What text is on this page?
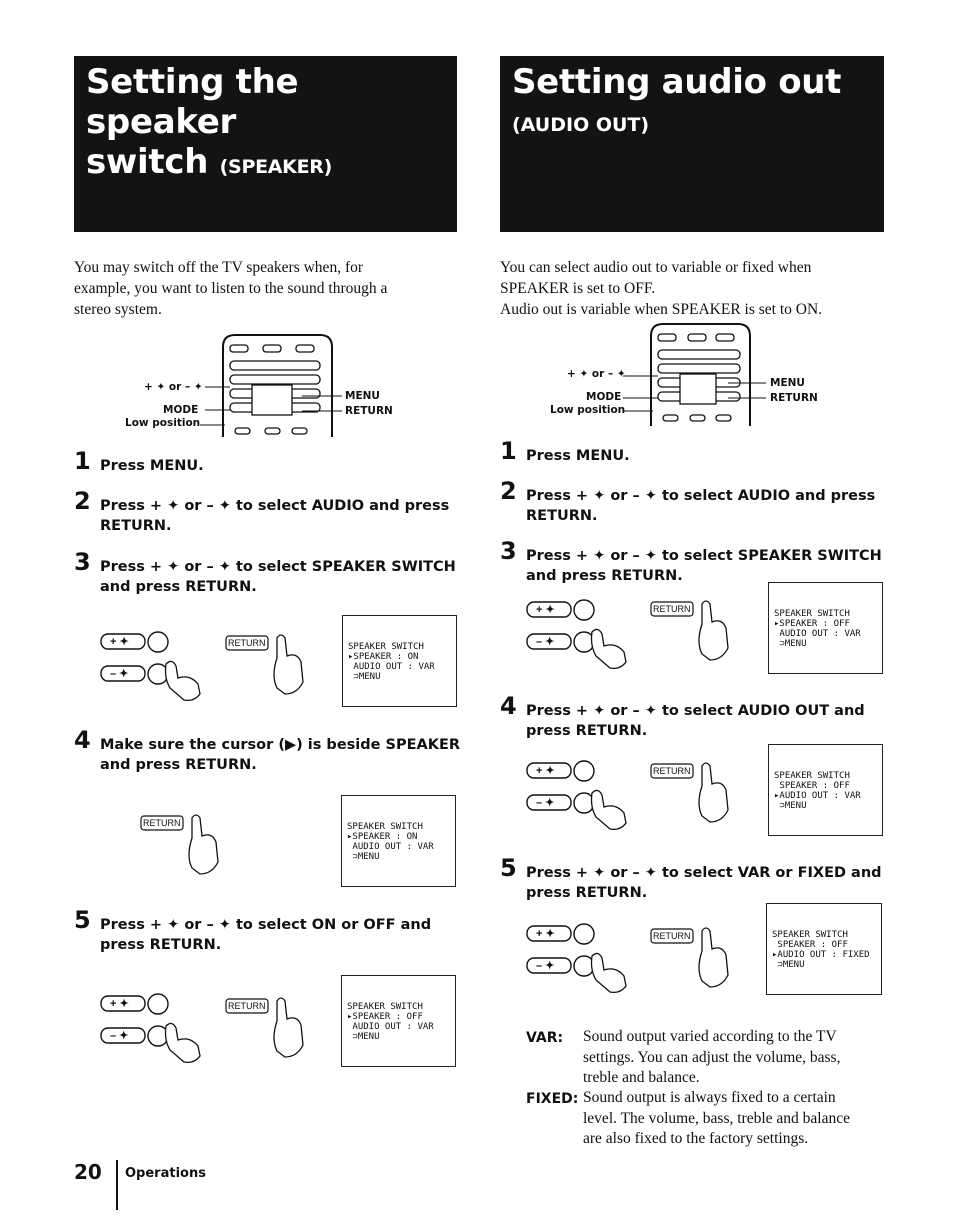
Setting the speaker
switch (SPEAKER)
You may switch off the TV speakers when, for
example, you want to listen to the sound through a
stereo system.
+ ✦ or – ✦
MODE
Low position
MENU
RETURN
1 Press MENU.
2 Press + ✦ or – ✦ to select AUDIO and press
RETURN.
3 Press + ✦ or – ✦ to select SPEAKER SWITCH
and press RETURN.
+ ✦
– ✦
RETURN

	SPEAKER SWITCH
▸SPEAKER : ON
AUDIO OUT : VAR
⊃MENU

4 Make sure the cursor (▶) is beside SPEAKER
and press RETURN.
RETURN

	SPEAKER SWITCH
▸SPEAKER : ON
AUDIO OUT : VAR
⊃MENU

5 Press + ✦ or – ✦ to select ON or OFF and
press RETURN.
+ ✦
– ✦
RETURN

	SPEAKER SWITCH
▸SPEAKER : OFF
AUDIO OUT : VAR
⊃MENU

20 Operations
Setting audio out
(AUDIO OUT)
You can select audio out to variable or fixed when
SPEAKER is set to OFF.
Audio out is variable when SPEAKER is set to ON.
+ ✦ or – ✦
MODE
Low position
MENU
RETURN
1 Press MENU.
2 Press + ✦ or – ✦ to select AUDIO and press
RETURN.
3 Press + ✦ or – ✦ to select SPEAKER SWITCH
and press RETURN.
+ ✦
– ✦
RETURN

	SPEAKER SWITCH
▸SPEAKER : OFF
AUDIO OUT : VAR
⊃MENU

4 Press + ✦ or – ✦ to select AUDIO OUT and
press RETURN.
+ ✦
– ✦
RETURN

	SPEAKER SWITCH
SPEAKER : OFF
▸AUDIO OUT : VAR
⊃MENU

5 Press + ✦ or – ✦ to select VAR or FIXED and
press RETURN.
+ ✦
– ✦
RETURN

	SPEAKER SWITCH
SPEAKER : OFF
▸AUDIO OUT : FIXED
⊃MENU

VAR: Sound output varied according to the TV
settings. You can adjust the volume, bass,
treble and balance.
FIXED: Sound output is always fixed to a certain
level. The volume, bass, treble and balance
are also fixed to the factory settings.
